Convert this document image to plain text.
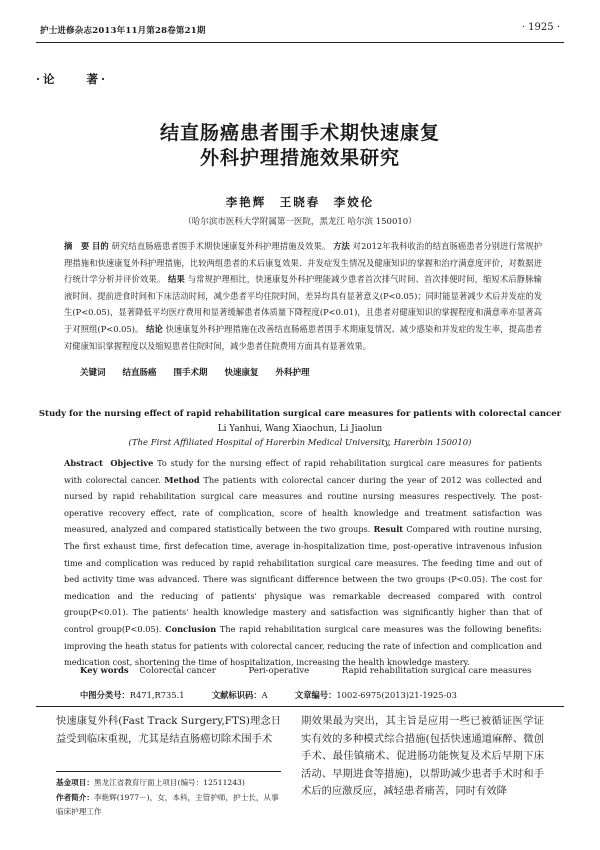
护士进修杂志2013年11月第28卷第21期	· 1925 ·
·论　　著·
结直肠癌患者围手术期快速康复
外科护理措施效果研究
李艳辉　王晓春　李姣伦
（哈尔滨市医科大学附属第一医院，黑龙江 哈尔滨 150010）
摘　要 目的 研究结直肠癌患者围手术期快速康复外科护理措施及效果。 方法 对2012年我科收治的结直肠癌患者分别进行常规护理措施和快速康复外科护理措施，比较两组患者的术后康复效果、并发症发生情况及健康知识的掌握和治疗满意度评价，对数据进行统计学分析并评价效果。 结果 与常规护理相比，快速康复外科护理能减少患者首次排气时间、首次排便时间，缩短术后静脉输液时间、提前进食时间和下床活动时间，减少患者平均住院时间，差异均具有显著意义(P<0.05)；同时能显著减少术后并发症的发生(P<0.05)，显著降低平均医疗费用和显著缓解患者体质量下降程度(P<0.01)，且患者对健康知识的掌握程度和满意率亦显著高于对照组(P<0.05)。 结论 快速康复外科护理措施在改善结直肠癌患者围手术期康复情况、减少感染和并发症的发生率，提高患者对健康知识掌握程度以及缩短患者住院时间，减少患者住院费用方面具有显著效果。
关键词 结直肠癌 围手术期 快速康复 外科护理
Study for the nursing effect of rapid rehabilitation surgical care measures for patients with colorectal cancer
Li Yanhui, Wang Xiaochun, Li Jiaolun
(The First Affiliated Hospital of Harerbin Medical University, Harerbin 150010)
Abstract Objective To study for the nursing effect of rapid rehabilitation surgical care measures for patients with colorectal cancer. Method The patients with colorectal cancer during the year of 2012 was collected and nursed by rapid rehabilitation surgical care measures and routine nursing measures respectively. The post-operative recovery effect, rate of complication, score of health knowledge and treatment satisfaction was measured, analyzed and compared statistically between the two groups. Result Compared with routine nursing, The first exhaust time, first defecation time, average in-hospitalization time, post-operative intravenous infusion time and complication was reduced by rapid rehabilitation surgical care measures. The feeding time and out of bed activity time was advanced. There was significant difference between the two groups (P<0.05). The cost for medication and the reducing of patients' physique was remarkable decreased compared with control group(P<0.01). The patients' health knowledge mastery and satisfaction was significantly higher than that of control group(P<0.05). Conclusion The rapid rehabilitation surgical care measures was the following benefits: improving the heath status for patients with colorectal cancer, reducing the rate of infection and complication and medication cost, shortening the time of hospitalization, increasing the health knowledge mastery.
Key words Colorectal cancer	Peri-operative	Rapid rehabilitation surgical care measures
中图分类号：R471,R735.1	文献标识码：A	文章编号：1002-6975(2013)21-1925-03
快速康复外科(Fast Track Surgery,FTS)理念日益受到临床重视，尤其是结直肠癌切除术围手术
期效果最为突出，其主旨是应用一些已被循证医学证实有效的多种模式综合措施(包括快速通道麻醉、微创手术、最佳镇痛术、促进肠功能恢复及术后早期下床活动、早期进食等措施)，以帮助减少患者手术时和手术后的应激反应，减轻患者痛苦，同时有效降
基金项目：黑龙江省教育厅面上项目(编号：12511243)
作者简介：李艳辉(1977－)，女，本科，主管护师，护士长，从事临床护理工作
